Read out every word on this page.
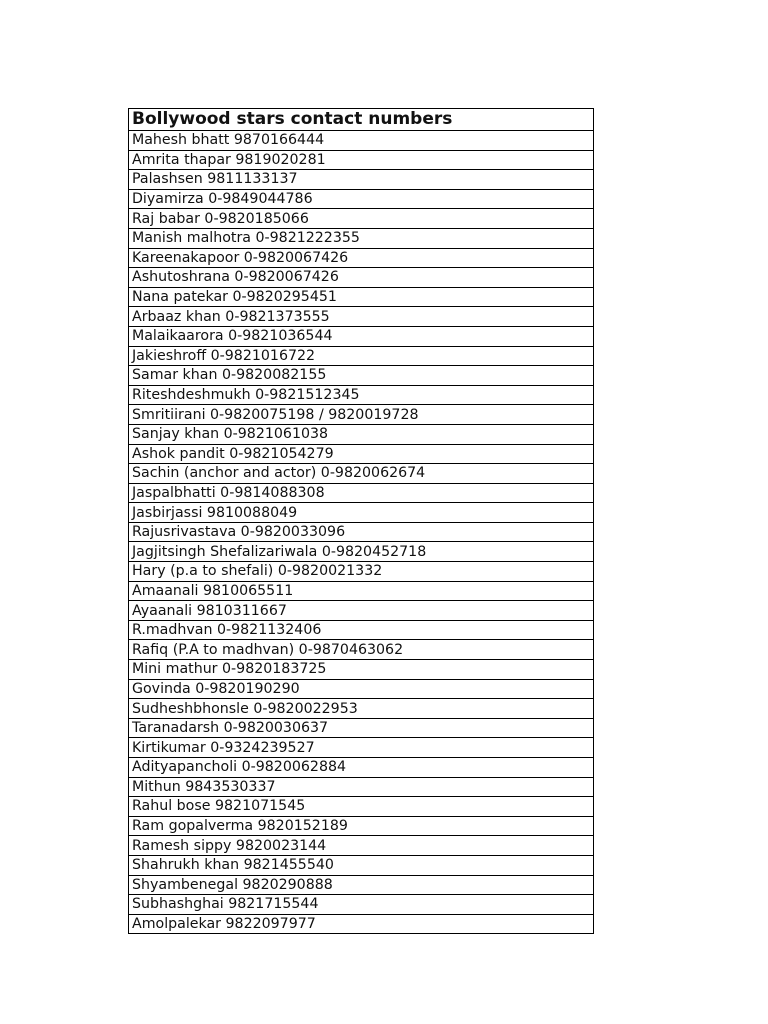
Bollywood stars contact numbers
Mahesh bhatt 9870166444
Amrita thapar 9819020281
Palashsen 9811133137
Diyamirza 0-9849044786
Raj babar 0-9820185066
Manish malhotra 0-9821222355
Kareenakapoor 0-9820067426
Ashutoshrana 0-9820067426
Nana patekar 0-9820295451
Arbaaz khan 0-9821373555
Malaikaarora 0-9821036544
Jakieshroff 0-9821016722
Samar khan 0-9820082155
Riteshdeshmukh 0-9821512345
Smritiirani 0-9820075198 / 9820019728
Sanjay khan 0-9821061038
Ashok pandit 0-9821054279
Sachin (anchor and actor) 0-9820062674
Jaspalbhatti 0-9814088308
Jasbirjassi 9810088049
Rajusrivastava 0-9820033096
Jagjitsingh Shefalizariwala 0-9820452718
Hary (p.a to shefali) 0-9820021332
Amaanali 9810065511
Ayaanali 9810311667
R.madhvan 0-9821132406
Rafiq (P.A to madhvan) 0-9870463062
Mini mathur 0-9820183725
Govinda 0-9820190290
Sudheshbhonsle 0-9820022953
Taranadarsh 0-9820030637
Kirtikumar 0-9324239527
Adityapancholi 0-9820062884
Mithun 9843530337
Rahul bose 9821071545
Ram gopalverma 9820152189
Ramesh sippy 9820023144
Shahrukh khan 9821455540
Shyambenegal 9820290888
Subhashghai 9821715544
Amolpalekar 9822097977
